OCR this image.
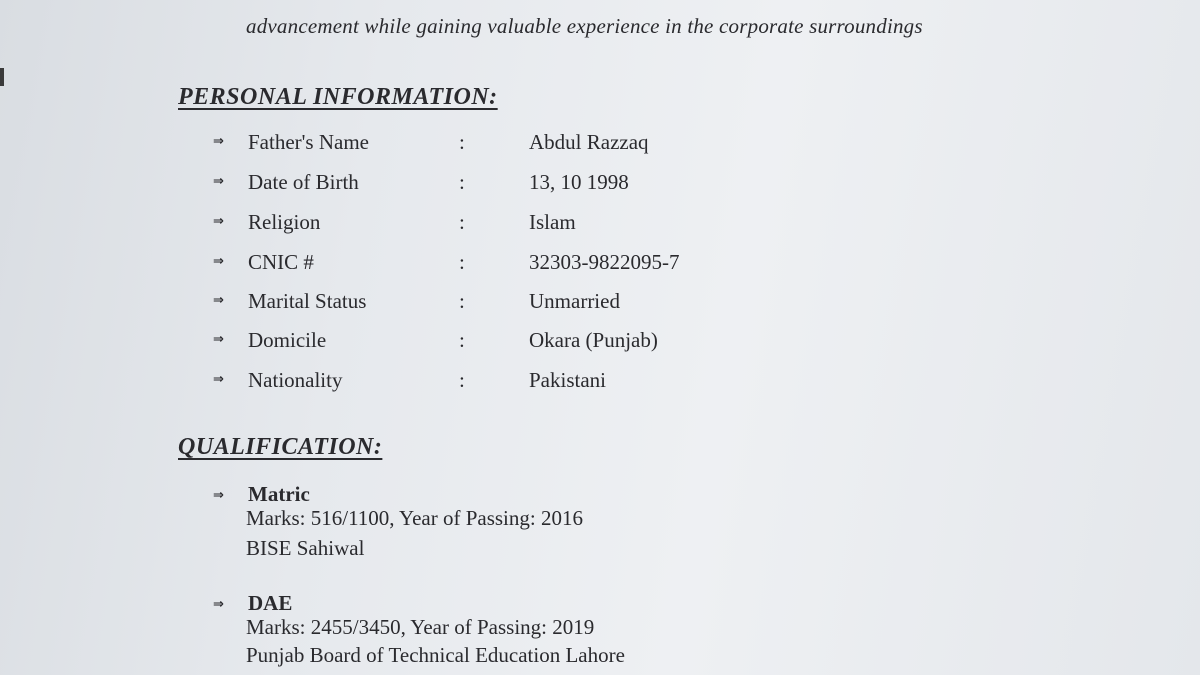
advancement while gaining valuable experience in the corporate surroundings
PERSONAL INFORMATION:
⇒ Father's Name	:	Abdul Razzaq
⇒ Date of Birth	:	13, 10 1998
⇒ Religion	:	Islam
⇒ CNIC #	:	32303-9822095-7
⇒ Marital Status	:	Unmarried
⇒ Domicile	:	Okara (Punjab)
⇒ Nationality	:	Pakistani
QUALIFICATION:
⇒ Matric
Marks: 516/1100, Year of Passing: 2016
BISE Sahiwal
⇒ DAE
Marks: 2455/3450, Year of Passing: 2019
Punjab Board of Technical Education Lahore
